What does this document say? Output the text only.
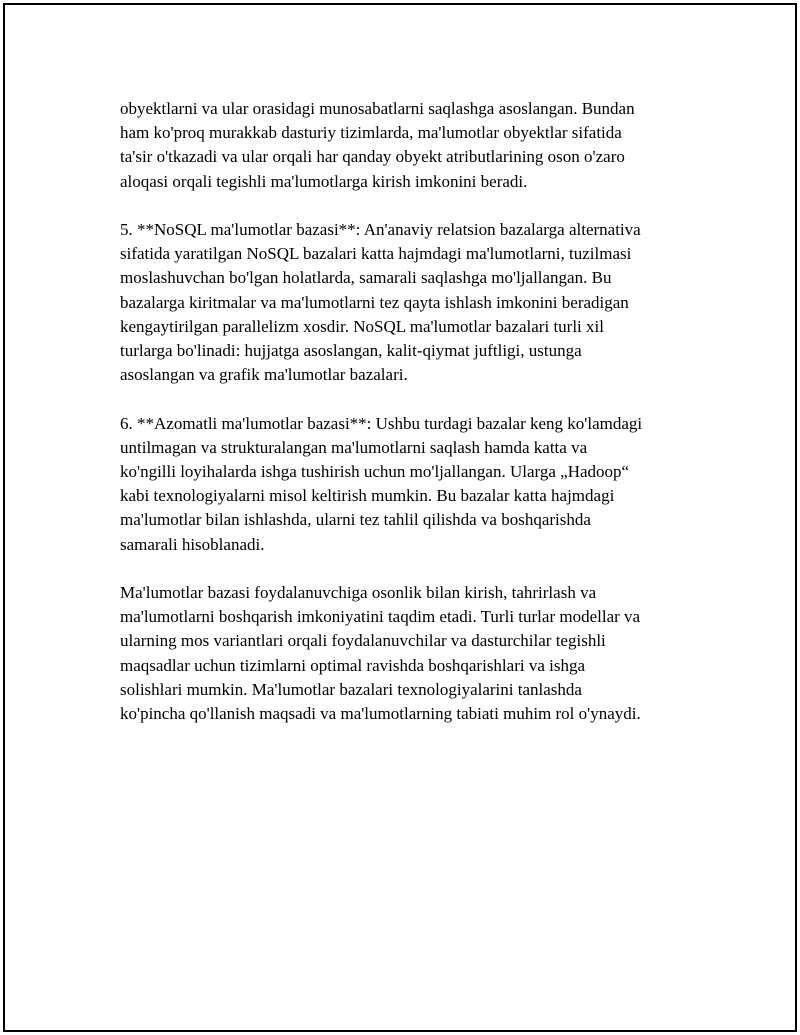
obyektlarni va ular orasidagi munosabatlarni saqlashga asoslangan. Bundan
ham ko'proq murakkab dasturiy tizimlarda, ma'lumotlar obyektlar sifatida
ta'sir o'tkazadi va ular orqali har qanday obyekt atributlarining oson o'zaro
aloqasi orqali tegishli ma'lumotlarga kirish imkonini beradi.

5. **NoSQL ma'lumotlar bazasi**: An'anaviy relatsion bazalarga alternativa
sifatida yaratilgan NoSQL bazalari katta hajmdagi ma'lumotlarni, tuzilmasi
moslashuvchan bo'lgan holatlarda, samarali saqlashga mo'ljallangan. Bu
bazalarga kiritmalar va ma'lumotlarni tez qayta ishlash imkonini beradigan
kengaytirilgan parallelizm xosdir. NoSQL ma'lumotlar bazalari turli xil
turlarga bo'linadi: hujjatga asoslangan, kalit-qiymat juftligi, ustunga
asoslangan va grafik ma'lumotlar bazalari.

6. **Azomatli ma'lumotlar bazasi**: Ushbu turdagi bazalar keng ko'lamdagi
untilmagan va strukturalangan ma'lumotlarni saqlash hamda katta va
ko'ngilli loyihalarda ishga tushirish uchun mo'ljallangan. Ularga „Hadoop“
kabi texnologiyalarni misol keltirish mumkin. Bu bazalar katta hajmdagi
ma'lumotlar bilan ishlashda, ularni tez tahlil qilishda va boshqarishda
samarali hisoblanadi.

Ma'lumotlar bazasi foydalanuvchiga osonlik bilan kirish, tahrirlash va
ma'lumotlarni boshqarish imkoniyatini taqdim etadi. Turli turlar modellar va
ularning mos variantlari orqali foydalanuvchilar va dasturchilar tegishli
maqsadlar uchun tizimlarni optimal ravishda boshqarishlari va ishga
solishlari mumkin. Ma'lumotlar bazalari texnologiyalarini tanlashda
ko'pincha qo'llanish maqsadi va ma'lumotlarning tabiati muhim rol o'ynaydi.
